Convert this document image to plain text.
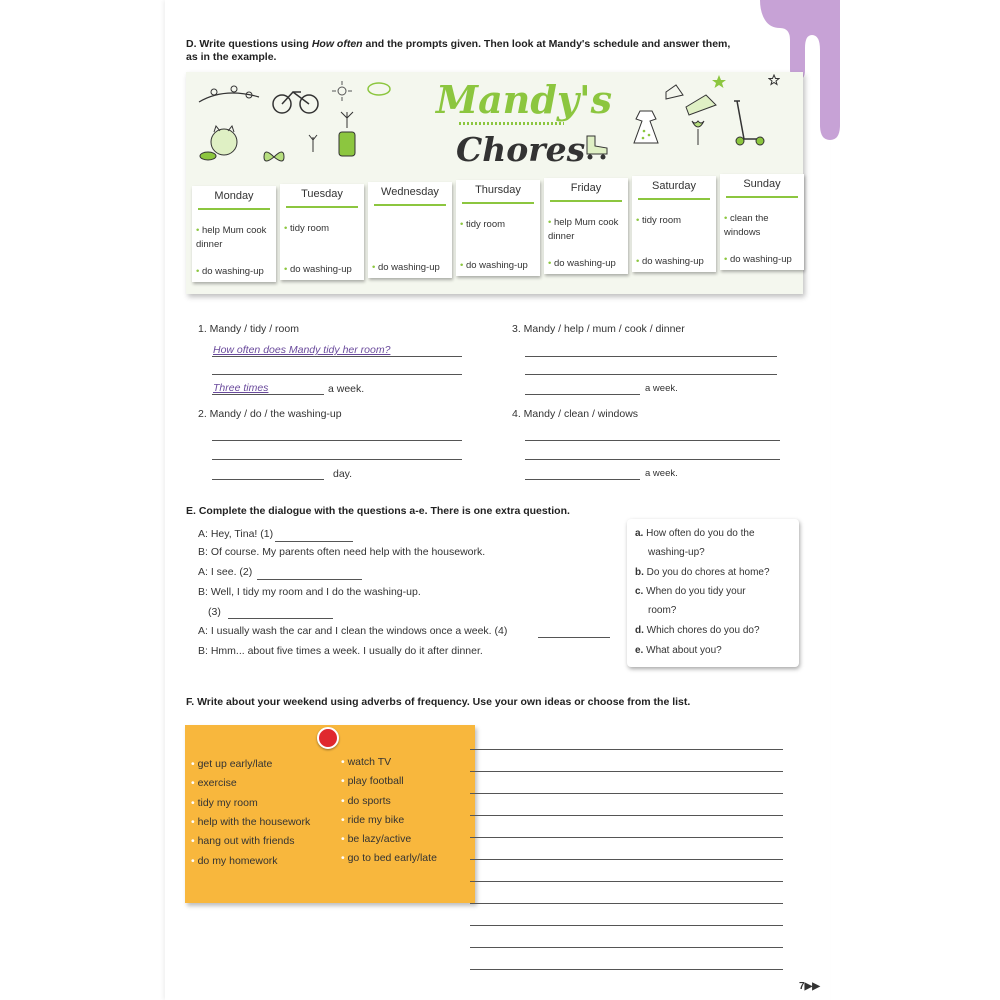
D. Write questions using How often and the prompts given. Then look at Mandy's schedule and answer them,
as in the example.
Mandy's
Chores
Monday
• help Mum cook dinner
• do washing-up
Tuesday
• tidy room
• do washing-up
Wednesday
• do washing-up
Thursday
• tidy room
• do washing-up
Friday
• help Mum cook dinner
• do washing-up
Saturday
• tidy room
• do washing-up
Sunday
• clean the windows
• do washing-up
1. Mandy / tidy / room
How often does Mandy tidy her room?
Three times	a week.
2. Mandy / do / the washing-up
day.
3. Mandy / help / mum / cook / dinner
a week.
4. Mandy / clean / windows
a week.
E. Complete the dialogue with the questions a-e. There is one extra question.
A: Hey, Tina! (1)
B: Of course. My parents often need help with the housework.
A: I see. (2)
B: Well, I tidy my room and I do the washing-up.
(3)
A: I usually wash the car and I clean the windows once a week. (4)
B: Hmm... about five times a week. I usually do it after dinner.
a. How often do you do the
washing-up?
b. Do you do chores at home?
c. When do you tidy your
room?
d. Which chores do you do?
e. What about you?
F. Write about your weekend using adverbs of frequency. Use your own ideas or choose from the list.
• get up early/late
• exercise
• tidy my room
• help with the housework
• hang out with friends
• do my homework
• watch TV
• play football
• do sports
• ride my bike
• be lazy/active
• go to bed early/late
7▶▶
